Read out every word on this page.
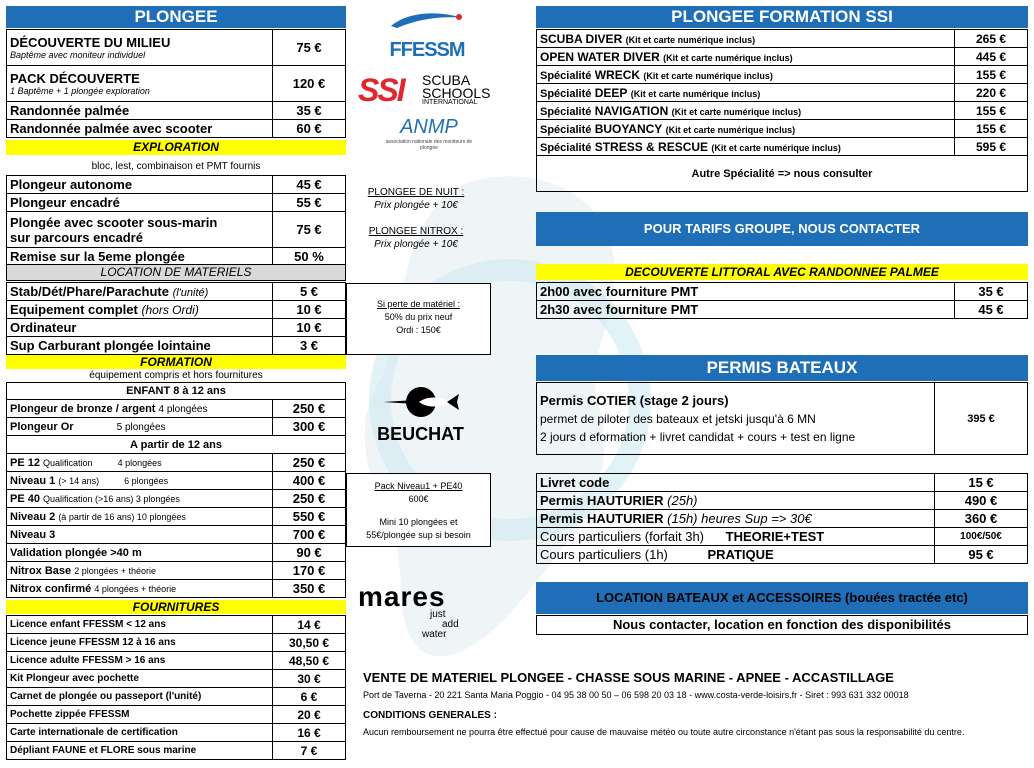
PLONGEE
DÉCOUVERTE DU MILIEU
Baptême avec moniteur individuel	75 €

PACK DÉCOUVERTE
1 Baptême + 1 plongée exploration	120 €
Randonnée palmée	35 €
Randonnée palmée avec scooter	60 €
EXPLORATION
bloc, lest, combinaison et PMT fournis
Plongeur autonome	45 €
Plongeur encadré	55 €

Plongée avec scooter sous-marin
sur parcours encadré	75 €
Remise sur la 5eme plongée	50 %
LOCATION DE MATERIELS
Stab/Dét/Phare/Parachute (l'unité)	5 €
Equipement complet (hors Ordi)	10 €
Ordinateur	10 €
Sup Carburant plongée lointaine	3 €
FORMATION
équipement compris et hors fournitures
ENFANT 8 à 12 ans	
Plongeur de bronze / argent 4 plongées	250 €
Plongeur Or 5 plongées	300 €
A partir de 12 ans	
PE 12 Qualification          4 plongées	250 €
Niveau 1 (> 14 ans)          6 plongées	400 €
PE 40 Qualification (>16 ans) 3 plongées	250 €
Niveau 2 (à partir de 16 ans) 10 plongées	550 €
Niveau 3	700 €
Validation plongée >40 m	90 €
Nitrox Base 2 plongées + théorie	170 €
Nitrox confirmé 4 plongées + théorie	350 €
FOURNITURES
Licence enfant FFESSM < 12 ans	14 €
Licence jeune FFESSM 12 à 16 ans	30,50 €
Licence adulte FFESSM > 16 ans	48,50 €
Kit Plongeur avec pochette	30 €
Carnet de plongée ou passeport (l'unité)	6 €
Pochette zippée FFESSM	20 €
Carte internationale de certification	16 €
Dépliant FAUNE et FLORE sous marine	7 €
FFESSM
SSI SCUBA
SCHOOLS
INTERNATIONAL
ANMP
association nationale des moniteurs de plongée
PLONGEE DE NUIT :
Prix plongée + 10€
PLONGEE NITROX :
Prix plongée + 10€
Si perte de matériel :
50% du prix neuf
Ordi : 150€
BEUCHAT
Pack Niveau1 + PE40
600€
Mini 10 plongées et
55€/plongée sup si besoin
mares
just
add
water
PLONGEE FORMATION SSI
SCUBA DIVER (Kit et carte numérique inclus)	265 €
OPEN WATER DIVER (Kit et carte numérique inclus)	445 €
Spécialité WRECK (Kit et carte numérique inclus)	155 €
Spécialité DEEP (Kit et carte numérique inclus)	220 €
Spécialité NAVIGATION (Kit et carte numérique inclus)	155 €
Spécialité BUOYANCY (Kit et carte numérique inclus)	155 €
Spécialité STRESS & RESCUE (Kit et carte numérique inclus)	595 €
Autre Spécialité => nous consulter	
POUR TARIFS GROUPE, NOUS CONTACTER
DECOUVERTE LITTORAL AVEC RANDONNEE PALMEE
2h00 avec fourniture PMT	35 €
2h30 avec fourniture PMT	45 €
PERMIS BATEAUX
Permis COTIER (stage 2 jours)
permet de piloter des bateaux et jetski jusqu'à 6 MN
2 jours d eformation + livret candidat + cours + test en ligne
	395 €
Livret code	15 €
Permis HAUTURIER (25h)	490 €
Permis HAUTURIER (15h) heures Sup => 30€	360 €
Cours particuliers (forfait 3h) THEORIE+TEST	100€/50€
Cours particuliers (1h) PRATIQUE	95 €
LOCATION BATEAUX et ACCESSOIRES (bouées tractée etc)
Nous contacter, location en fonction des disponibilités
VENTE DE MATERIEL PLONGEE - CHASSE SOUS MARINE - APNEE - ACCASTILLAGE
Port de Taverna - 20 221 Santa Maria Poggio - 04 95 38 00 50 – 06 598 20 03 18 - www.costa-verde-loisirs.fr - Siret : 993 631 332 00018
CONDITIONS GENERALES :
Aucun remboursement ne pourra être effectué pour cause de mauvaise météo ou toute autre circonstance n'étant pas sous la responsabilité du centre.
